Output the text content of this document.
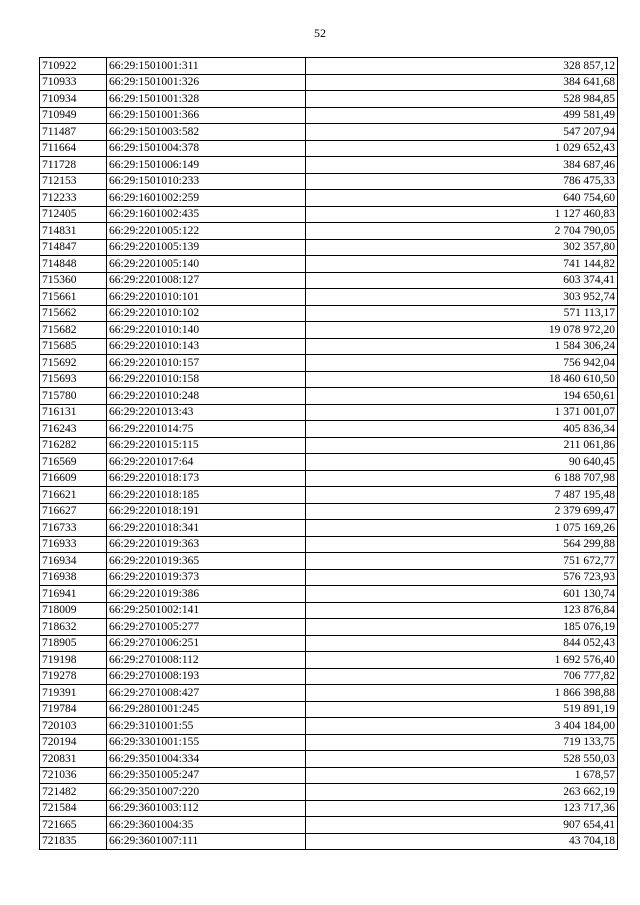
52
710922	66:29:1501001:311	328 857,12
710933	66:29:1501001:326	384 641,68
710934	66:29:1501001:328	528 984,85
710949	66:29:1501001:366	499 581,49
711487	66:29:1501003:582	547 207,94
711664	66:29:1501004:378	1 029 652,43
711728	66:29:1501006:149	384 687,46
712153	66:29:1501010:233	786 475,33
712233	66:29:1601002:259	640 754,60
712405	66:29:1601002:435	1 127 460,83
714831	66:29:2201005:122	2 704 790,05
714847	66:29:2201005:139	302 357,80
714848	66:29:2201005:140	741 144,82
715360	66:29:2201008:127	603 374,41
715661	66:29:2201010:101	303 952,74
715662	66:29:2201010:102	571 113,17
715682	66:29:2201010:140	19 078 972,20
715685	66:29:2201010:143	1 584 306,24
715692	66:29:2201010:157	756 942,04
715693	66:29:2201010:158	18 460 610,50
715780	66:29:2201010:248	194 650,61
716131	66:29:2201013:43	1 371 001,07
716243	66:29:2201014:75	405 836,34
716282	66:29:2201015:115	211 061,86
716569	66:29:2201017:64	90 640,45
716609	66:29:2201018:173	6 188 707,98
716621	66:29:2201018:185	7 487 195,48
716627	66:29:2201018:191	2 379 699,47
716733	66:29:2201018:341	1 075 169,26
716933	66:29:2201019:363	564 299,88
716934	66:29:2201019:365	751 672,77
716938	66:29:2201019:373	576 723,93
716941	66:29:2201019:386	601 130,74
718009	66:29:2501002:141	123 876,84
718632	66:29:2701005:277	185 076,19
718905	66:29:2701006:251	844 052,43
719198	66:29:2701008:112	1 692 576,40
719278	66:29:2701008:193	706 777,82
719391	66:29:2701008:427	1 866 398,88
719784	66:29:2801001:245	519 891,19
720103	66:29:3101001:55	3 404 184,00
720194	66:29:3301001:155	719 133,75
720831	66:29:3501004:334	528 550,03
721036	66:29:3501005:247	1 678,57
721482	66:29:3501007:220	263 662,19
721584	66:29:3601003:112	123 717,36
721665	66:29:3601004:35	907 654,41
721835	66:29:3601007:111	43 704,18
